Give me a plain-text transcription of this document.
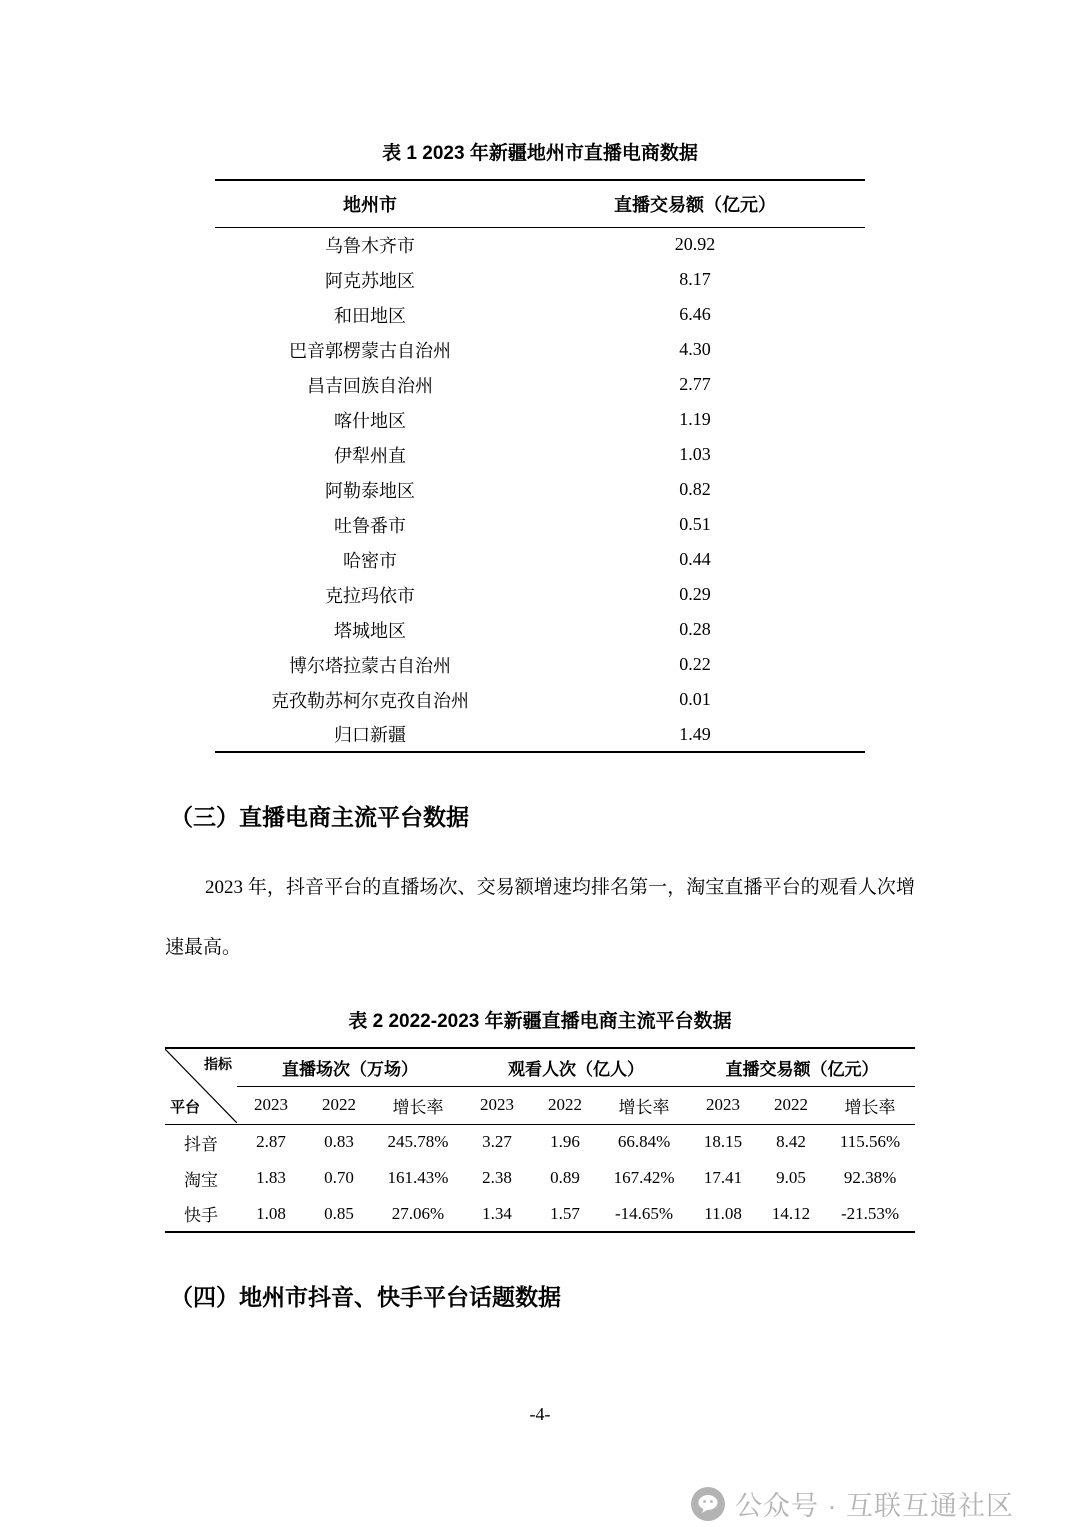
表 1 2023 年新疆地州市直播电商数据
地州市	直播交易额（亿元）
乌鲁木齐市	20.92
阿克苏地区	8.17
和田地区	6.46
巴音郭楞蒙古自治州	4.30
昌吉回族自治州	2.77
喀什地区	1.19
伊犁州直	1.03
阿勒泰地区	0.82
吐鲁番市	0.51
哈密市	0.44
克拉玛依市	0.29
塔城地区	0.28
博尔塔拉蒙古自治州	0.22
克孜勒苏柯尔克孜自治州	0.01
归口新疆	1.49
（三）直播电商主流平台数据

2023 年，抖音平台的直播场次、交易额增速均排名第一，淘宝直播平台的观看人次增速最高。

表 2 2022-2023 年新疆直播电商主流平台数据
指标
平台	直播场次（万场）			观看人次（亿人）			直播交易额（亿元）		
	2023	2022	增长率	2023	2022	增长率	2023	2022	增长率
抖音	2.87	0.83	245.78%	3.27	1.96	66.84%	18.15	8.42	115.56%
淘宝	1.83	0.70	161.43%	2.38	0.89	167.42%	17.41	9.05	92.38%
快手	1.08	0.85	27.06%	1.34	1.57	-14.65%	11.08	14.12	-21.53%
（四）地州市抖音、快手平台话题数据
-4-
公众号 · 互联互通社区
